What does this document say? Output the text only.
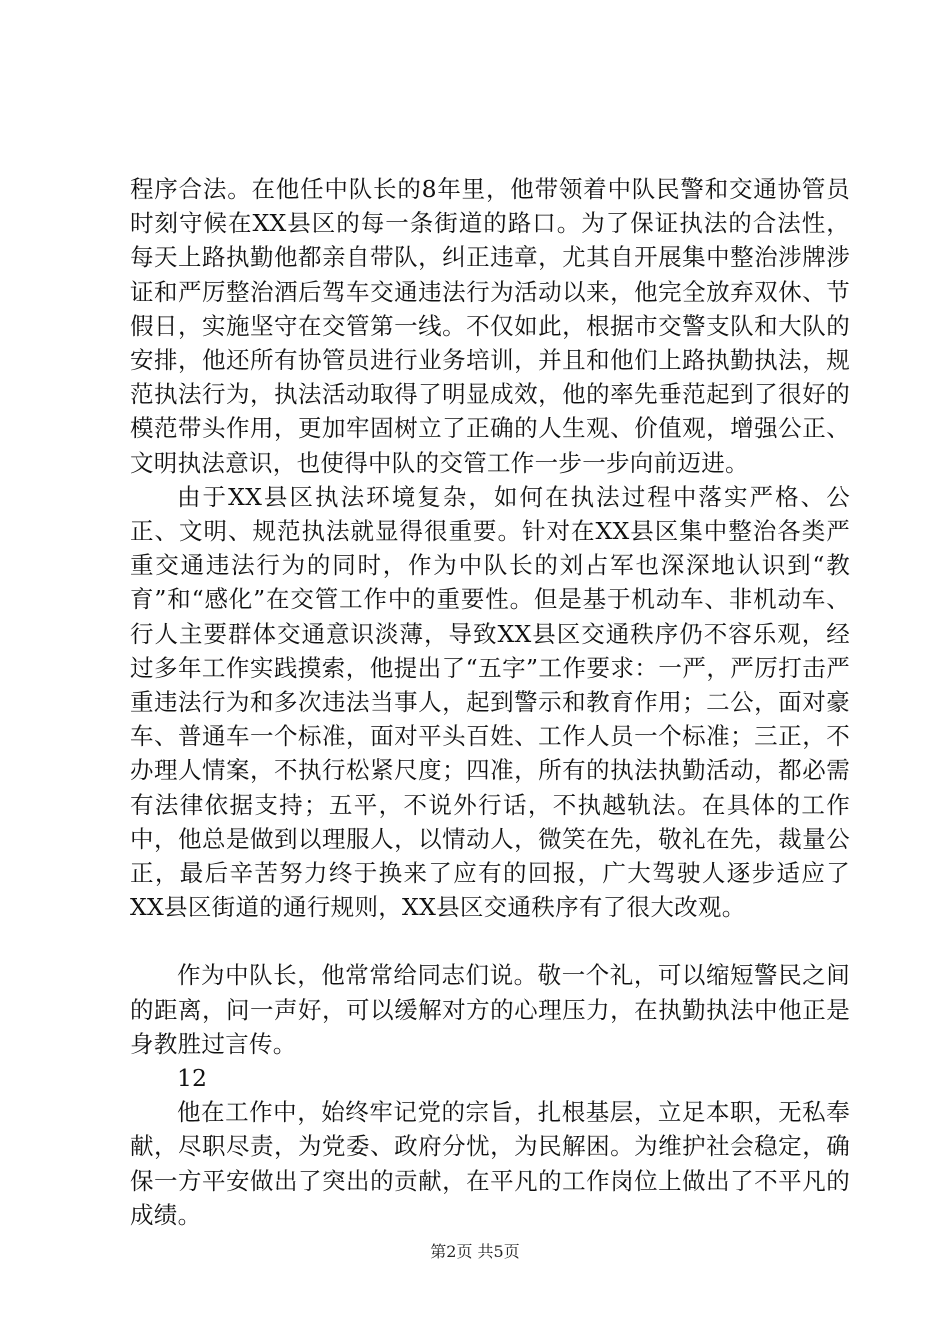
程序合法。在他任中队长的8年里，他带领着中队民警和交通协管员时刻守候在XX县区的每一条街道的路口。为了保证执法的合法性，每天上路执勤他都亲自带队，纠正违章，尤其自开展集中整治涉牌涉证和严厉整治酒后驾车交通违法行为活动以来，他完全放弃双休、节假日，实施坚守在交管第一线。不仅如此，根据市交警支队和大队的安排，他还所有协管员进行业务培训，并且和他们上路执勤执法，规范执法行为，执法活动取得了明显成效，他的率先垂范起到了很好的模范带头作用，更加牢固树立了正确的人生观、价值观，增强公正、文明执法意识，也使得中队的交管工作一步一步向前迈进。

由于XX县区执法环境复杂，如何在执法过程中落实严格、公正、文明、规范执法就显得很重要。针对在XX县区集中整治各类严重交通违法行为的同时，作为中队长的刘占军也深深地认识到“教育”和“感化”在交管工作中的重要性。但是基于机动车、非机动车、行人主要群体交通意识淡薄，导致XX县区交通秩序仍不容乐观，经过多年工作实践摸索，他提出了“五字”工作要求：一严，严厉打击严重违法行为和多次违法当事人，起到警示和教育作用；二公，面对豪车、普通车一个标准，面对平头百姓、工作人员一个标准；三正，不办理人情案，不执行松紧尺度；四准，所有的执法执勤活动，都必需有法律依据支持；五平，不说外行话，不执越轨法。在具体的工作中，他总是做到以理服人，以情动人，微笑在先，敬礼在先，裁量公正，最后辛苦努力终于换来了应有的回报，广大驾驶人逐步适应了XX县区街道的通行规则，XX县区交通秩序有了很大改观。

作为中队长，他常常给同志们说。敬一个礼，可以缩短警民之间的距离，问一声好，可以缓解对方的心理压力，在执勤执法中他正是身教胜过言传。

12

他在工作中，始终牢记党的宗旨，扎根基层，立足本职，无私奉献，尽职尽责，为党委、政府分忧，为民解困。为维护社会稳定，确保一方平安做出了突出的贡献，在平凡的工作岗位上做出了不平凡的成绩。

第2页 共5页
